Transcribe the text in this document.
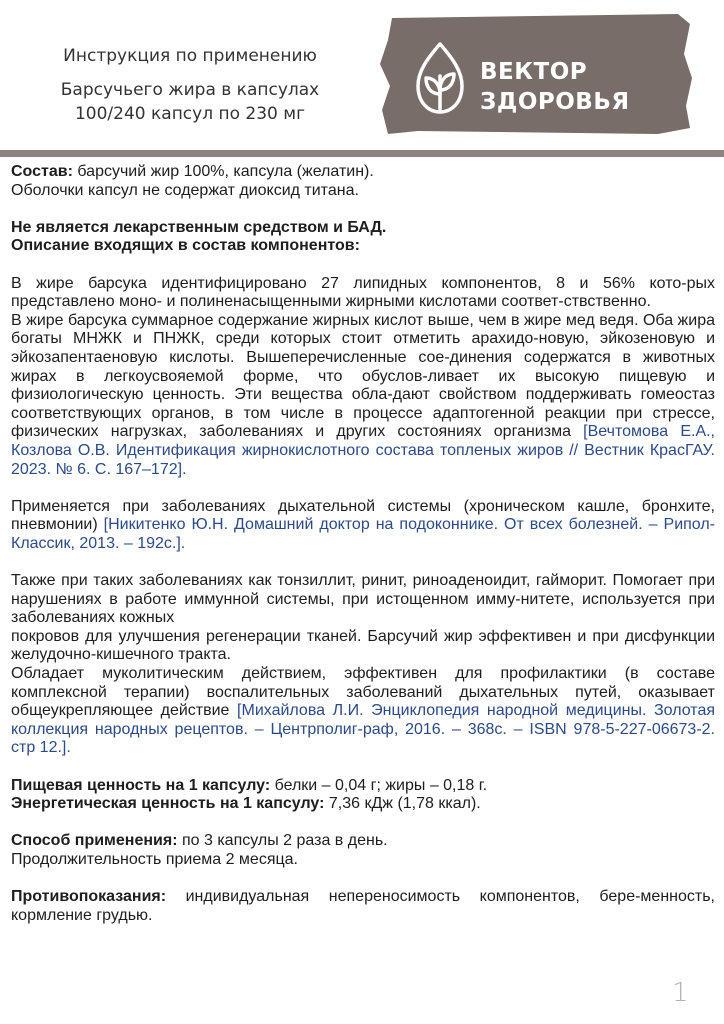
Инструкция по применению
Барсучьего жира в капсулах
100/240 капсул по 230 мг
ВЕКТОР
ЗДОРОВЬЯ

Состав: барсучий жир 100%, капсула (желатин).

Оболочки капсул не содержат диоксид титана.

Не является лекарственным средством и БАД.

Описание входящих в состав компонентов:

В жире барсука идентифицировано 27 липидных компонентов, 8 и 56% кото-рых представлено моно- и полиненасыщенными жирными кислотами соответ-ствственно.

В жире барсука суммарное содержание жирных кислот выше, чем в жире мед ведя. Оба жира богаты МНЖК и ПНЖК, среди которых стоит отметить арахидо-новую, эйкозеновую и эйкозапентаеновую кислоты. Вышеперечисленные сое-динения содержатся в животных жирах в легкоусвояемой форме, что обуслов-ливает их высокую пищевую и физиологическую ценность. Эти вещества обла-дают свойством поддерживать гомеостаз соответствующих органов, в том числе в процессе адаптогенной реакции при стрессе, физических нагрузках, заболеваниях и других состояниях организма [Вечтомова Е.А., Козлова О.В. Идентификация жирнокислотного состава топленых жиров // Вестник КрасГАУ. 2023. № 6. С. 167–172].

Применяется при заболеваниях дыхательной системы (хроническом кашле, бронхите, пневмонии) [Никитенко Ю.Н. Домашний доктор на подоконнике. От всех болезней. – Рипол-Классик, 2013. – 192с.].

Также при таких заболеваниях как тонзиллит, ринит, риноаденоидит, гайморит. Помогает при нарушениях в работе иммунной системы, при истощенном имму-нитете, используется при заболеваниях кожных

покровов для улучшения регенерации тканей. Барсучий жир эффективен и при дисфункции желудочно-кишечного тракта.

Обладает муколитическим действием, эффективен для профилактики (в составе комплексной терапии) воспалительных заболеваний дыхательных путей, оказывает общеукрепляющее действие [Михайлова Л.И. Энциклопедия народной медицины. Золотая коллекция народных рецептов. – Центрполиг-раф, 2016. – 368с. – ISBN 978-5-227-06673-2. стр 12.].

Пищевая ценность на 1 капсулу: белки – 0,04 г; жиры – 0,18 г.

Энергетическая ценность на 1 капсулу: 7,36 кДж (1,78 ккал).

Способ применения: по 3 капсулы 2 раза в день.

Продолжительность приема 2 месяца.

Противопоказания: индивидуальная непереносимость компонентов, бере-менность, кормление грудью.

1
